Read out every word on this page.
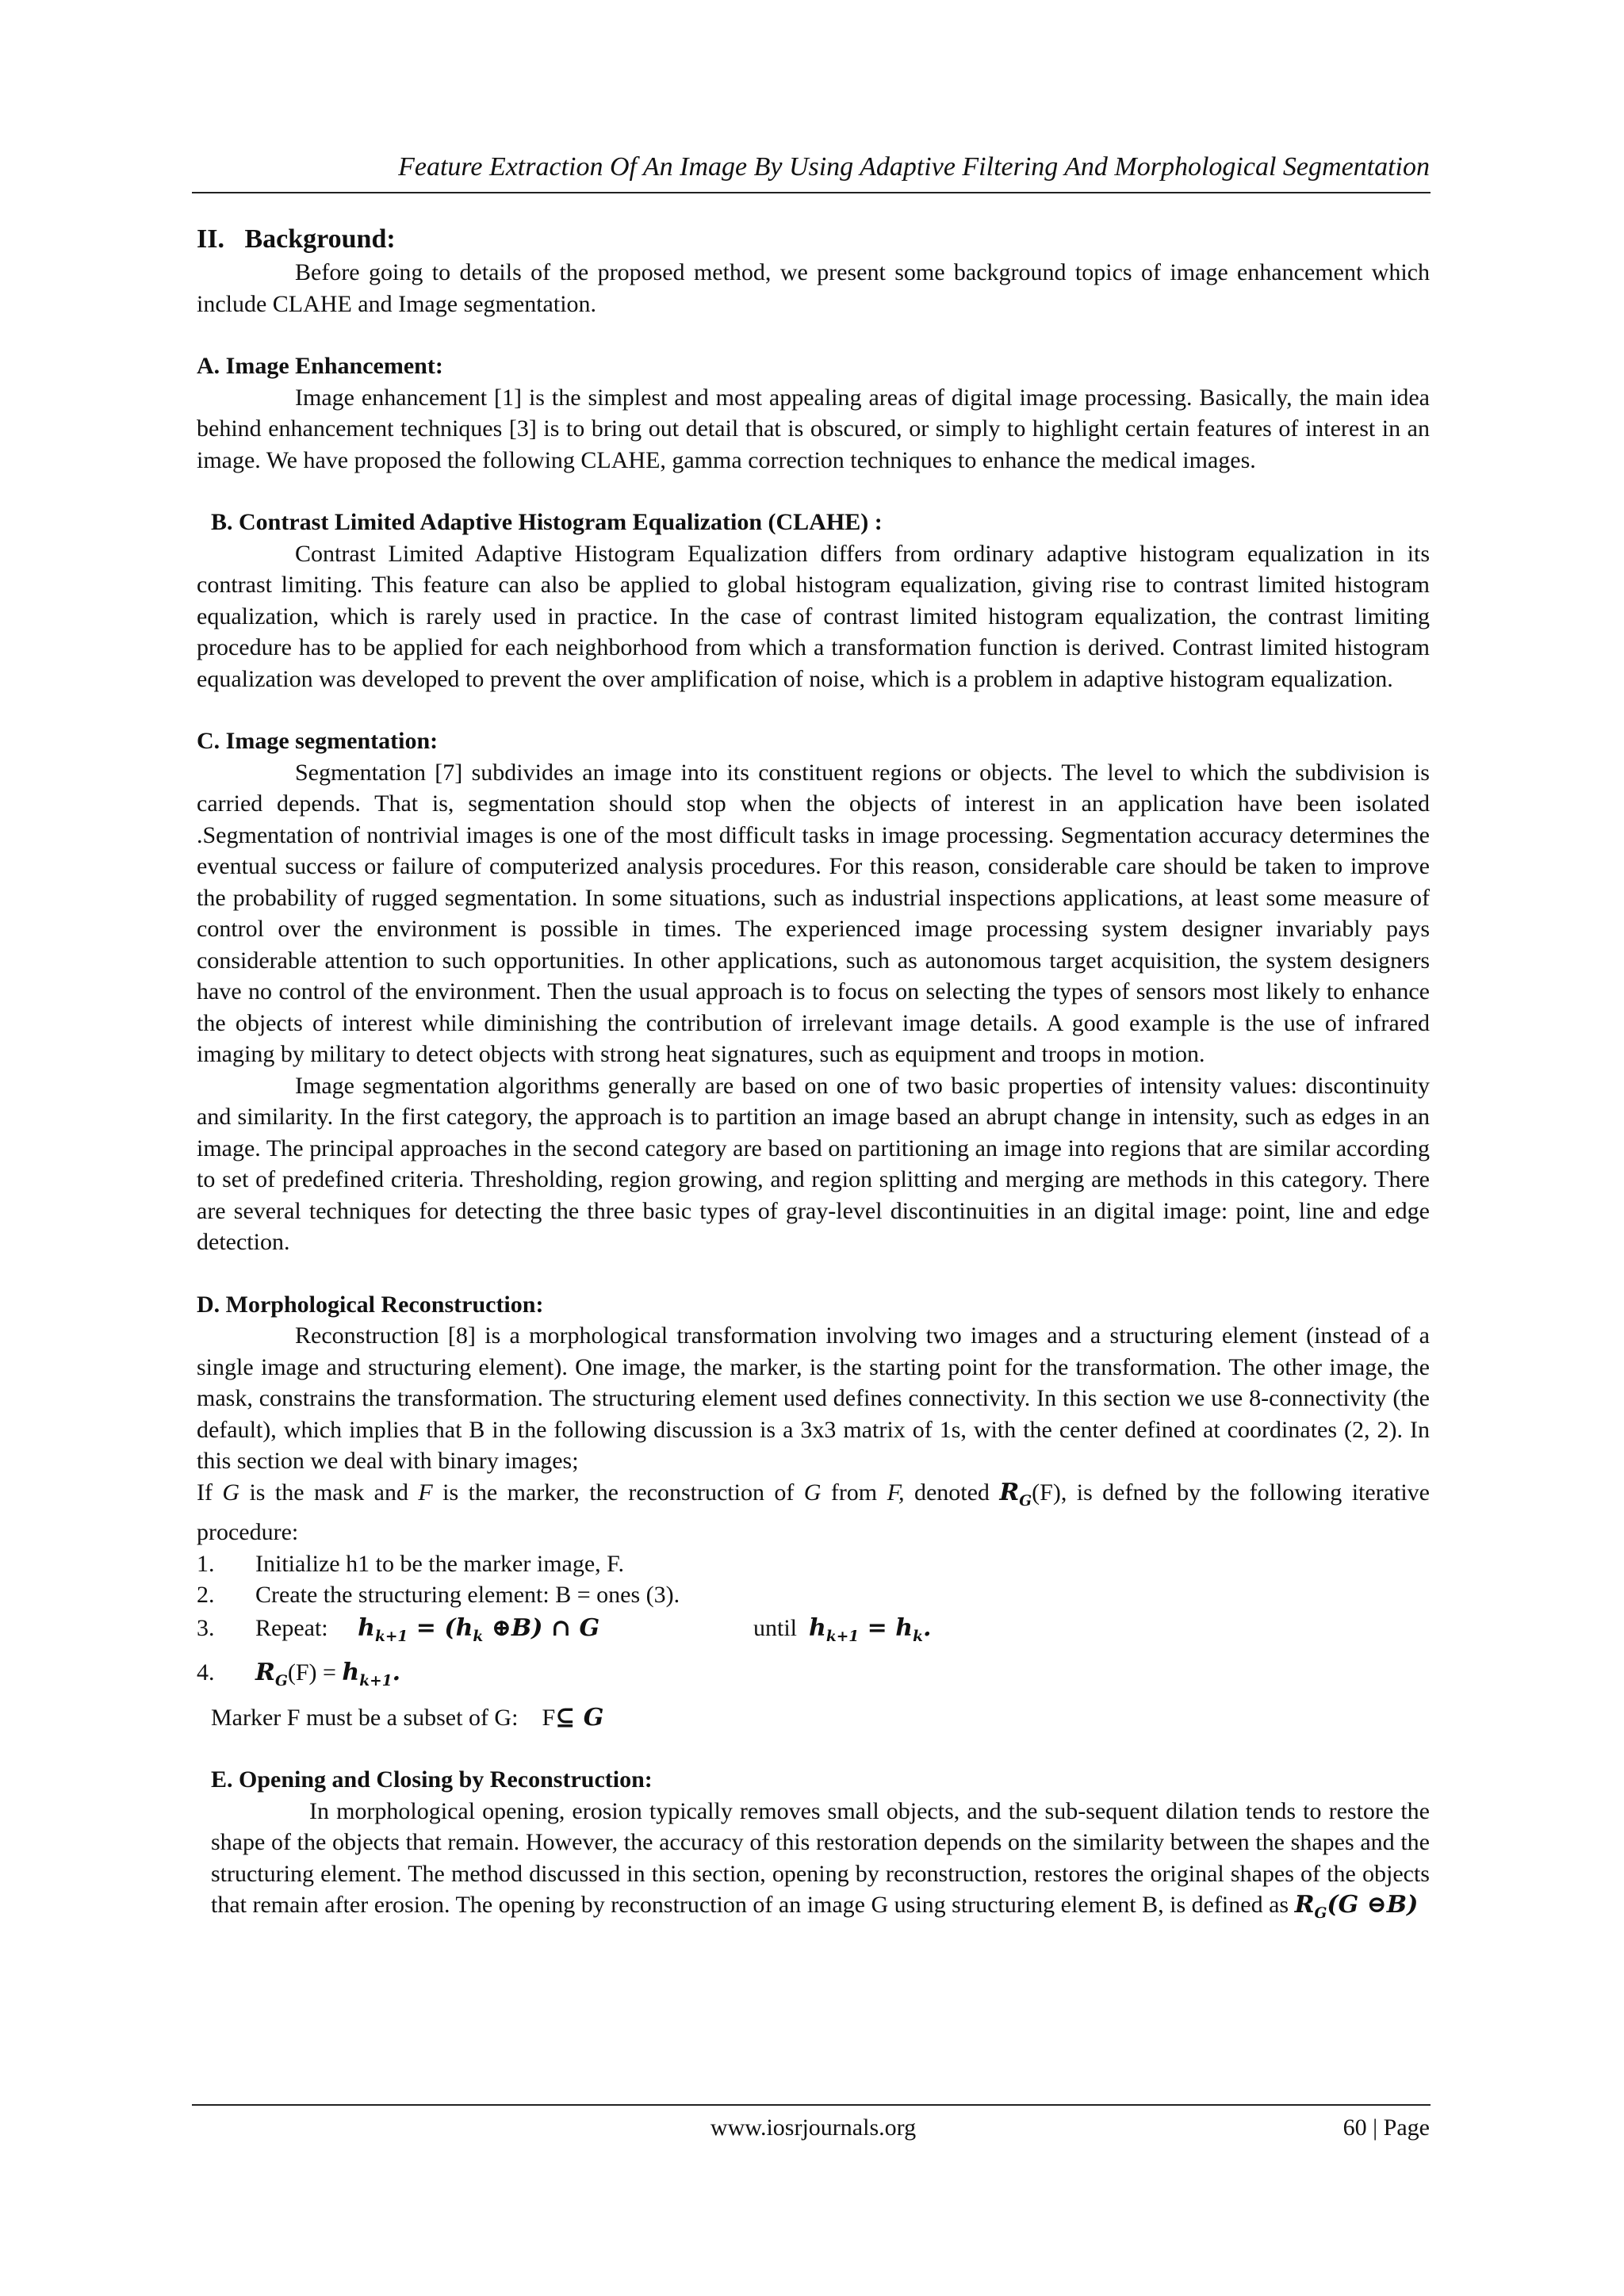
Feature Extraction Of An Image By Using Adaptive Filtering And Morphological Segmentation

II. Background:

Before going to details of the proposed method, we present some background topics of image enhancement which include CLAHE and Image segmentation.

A. Image Enhancement:

Image enhancement [1] is the simplest and most appealing areas of digital image processing. Basically, the main idea behind enhancement techniques [3] is to bring out detail that is obscured, or simply to highlight certain features of interest in an image. We have proposed the following CLAHE, gamma correction techniques to enhance the medical images.

B. Contrast Limited Adaptive Histogram Equalization (CLAHE) :

Contrast Limited Adaptive Histogram Equalization differs from ordinary adaptive histogram equalization in its contrast limiting. This feature can also be applied to global histogram equalization, giving rise to contrast limited histogram equalization, which is rarely used in practice. In the case of contrast limited histogram equalization, the contrast limiting procedure has to be applied for each neighborhood from which a transformation function is derived. Contrast limited histogram equalization was developed to prevent the over amplification of noise, which is a problem in adaptive histogram equalization.

C. Image segmentation:

Segmentation [7] subdivides an image into its constituent regions or objects. The level to which the subdivision is carried depends. That is, segmentation should stop when the objects of interest in an application have been isolated .Segmentation of nontrivial images is one of the most difficult tasks in image processing. Segmentation accuracy determines the eventual success or failure of computerized analysis procedures. For this reason, considerable care should be taken to improve the probability of rugged segmentation. In some situations, such as industrial inspections applications, at least some measure of control over the environment is possible in times. The experienced image processing system designer invariably pays considerable attention to such opportunities. In other applications, such as autonomous target acquisition, the system designers have no control of the environment. Then the usual approach is to focus on selecting the types of sensors most likely to enhance the objects of interest while diminishing the contribution of irrelevant image details. A good example is the use of infrared imaging by military to detect objects with strong heat signatures, such as equipment and troops in motion.

Image segmentation algorithms generally are based on one of two basic properties of intensity values: discontinuity and similarity. In the first category, the approach is to partition an image based an abrupt change in intensity, such as edges in an image. The principal approaches in the second category are based on partitioning an image into regions that are similar according to set of predefined criteria. Thresholding, region growing, and region splitting and merging are methods in this category. There are several techniques for detecting the three basic types of gray-level discontinuities in an digital image: point, line and edge detection.

D. Morphological Reconstruction:

Reconstruction [8] is a morphological transformation involving two images and a structuring element (instead of a single image and structuring element). One image, the marker, is the starting point for the transformation. The other image, the mask, constrains the transformation. The structuring element used defines connectivity. In this section we use 8-connectivity (the default), which implies that B in the following discussion is a 3x3 matrix of 1s, with the center defined at coordinates (2, 2). In this section we deal with binary images;

If G is the mask and F is the marker, the reconstruction of G from F, denoted $R_G(F)$, is defned by the following iterative procedure:

1.	Initialize h1 to be the marker image, F.
2.	Create the structuring element: B = ones (3).
3.	Repeat: $h_{k+1} = (h_k$ ⊕B) ∩ G	until $h_{k+1} = h_k$.
4.	$R_G(F) = h_{k+1}$.

Marker F must be a subset of G: F⊆ G

E. Opening and Closing by Reconstruction:

In morphological opening, erosion typically removes small objects, and the sub-sequent dilation tends to restore the shape of the objects that remain. However, the accuracy of this restoration depends on the similarity between the shapes and the structuring element. The method discussed in this section, opening by reconstruction, restores the original shapes of the objects that remain after erosion. The opening by reconstruction of an image G using structuring element B, is defined as $R_G(G$ ⊖B)

www.iosrjournals.org	60 | Page
